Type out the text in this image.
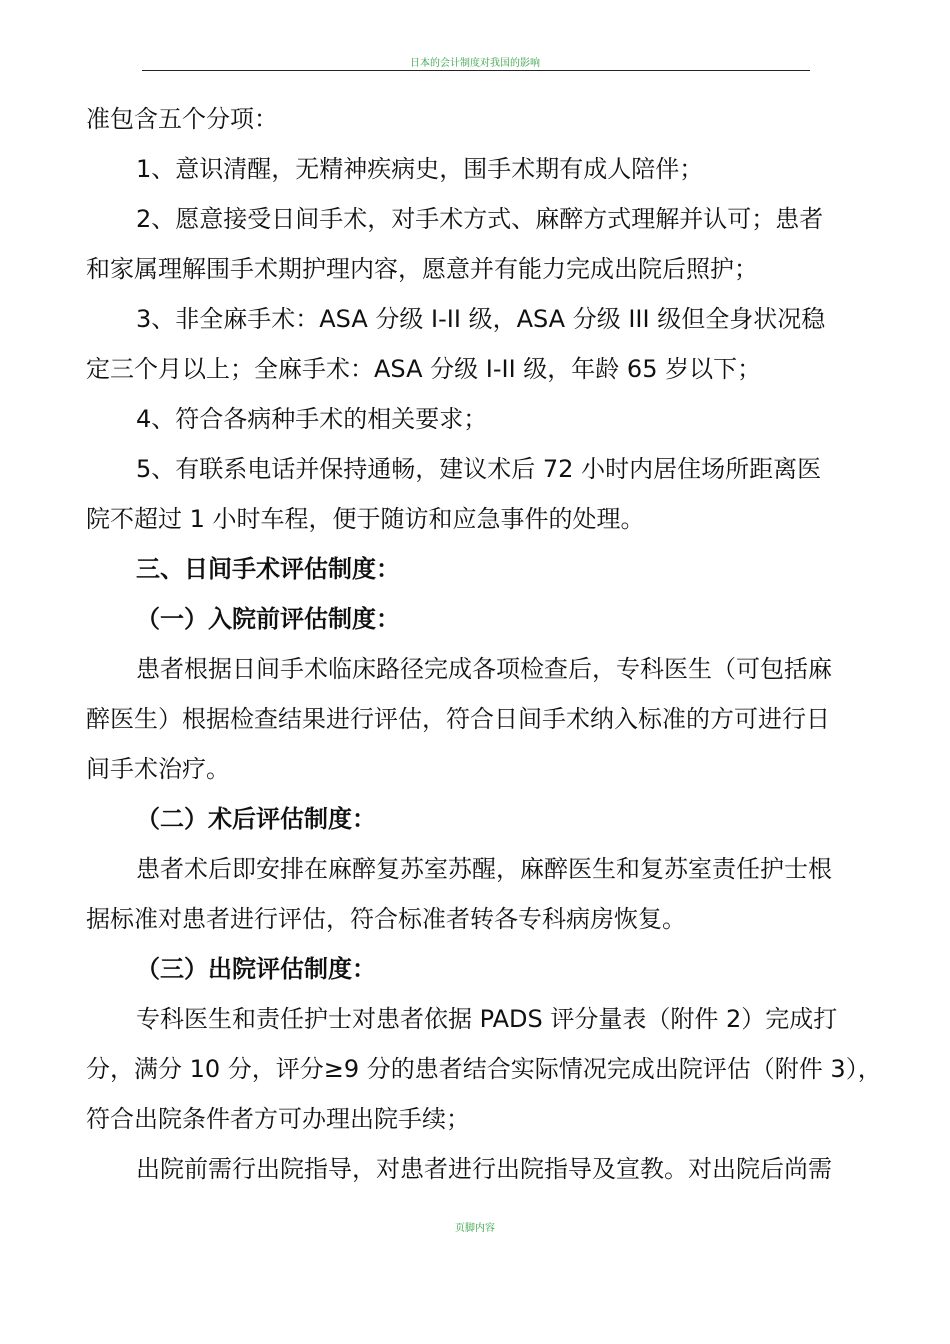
日本的会计制度对我国的影响
准包含五个分项：
1、意识清醒，无精神疾病史，围手术期有成人陪伴；
2、愿意接受日间手术，对手术方式、麻醉方式理解并认可；患者
和家属理解围手术期护理内容，愿意并有能力完成出院后照护；
3、非全麻手术：ASA 分级 I-II 级，ASA 分级 III 级但全身状况稳
定三个月以上；全麻手术：ASA 分级 I-II 级，年龄 65 岁以下；
4、符合各病种手术的相关要求；
5、有联系电话并保持通畅，建议术后 72 小时内居住场所距离医
院不超过 1 小时车程，便于随访和应急事件的处理。
三、日间手术评估制度：
（一）入院前评估制度：
患者根据日间手术临床路径完成各项检查后，专科医生（可包括麻
醉医生）根据检查结果进行评估，符合日间手术纳入标准的方可进行日
间手术治疗。
（二）术后评估制度：
患者术后即安排在麻醉复苏室苏醒，麻醉医生和复苏室责任护士根
据标准对患者进行评估，符合标准者转各专科病房恢复。
（三）出院评估制度：
专科医生和责任护士对患者依据 PADS 评分量表（附件 2）完成打
分，满分 10 分，评分≥9 分的患者结合实际情况完成出院评估（附件 3），
符合出院条件者方可办理出院手续；
出院前需行出院指导，对患者进行出院指导及宣教。对出院后尚需
页脚内容
